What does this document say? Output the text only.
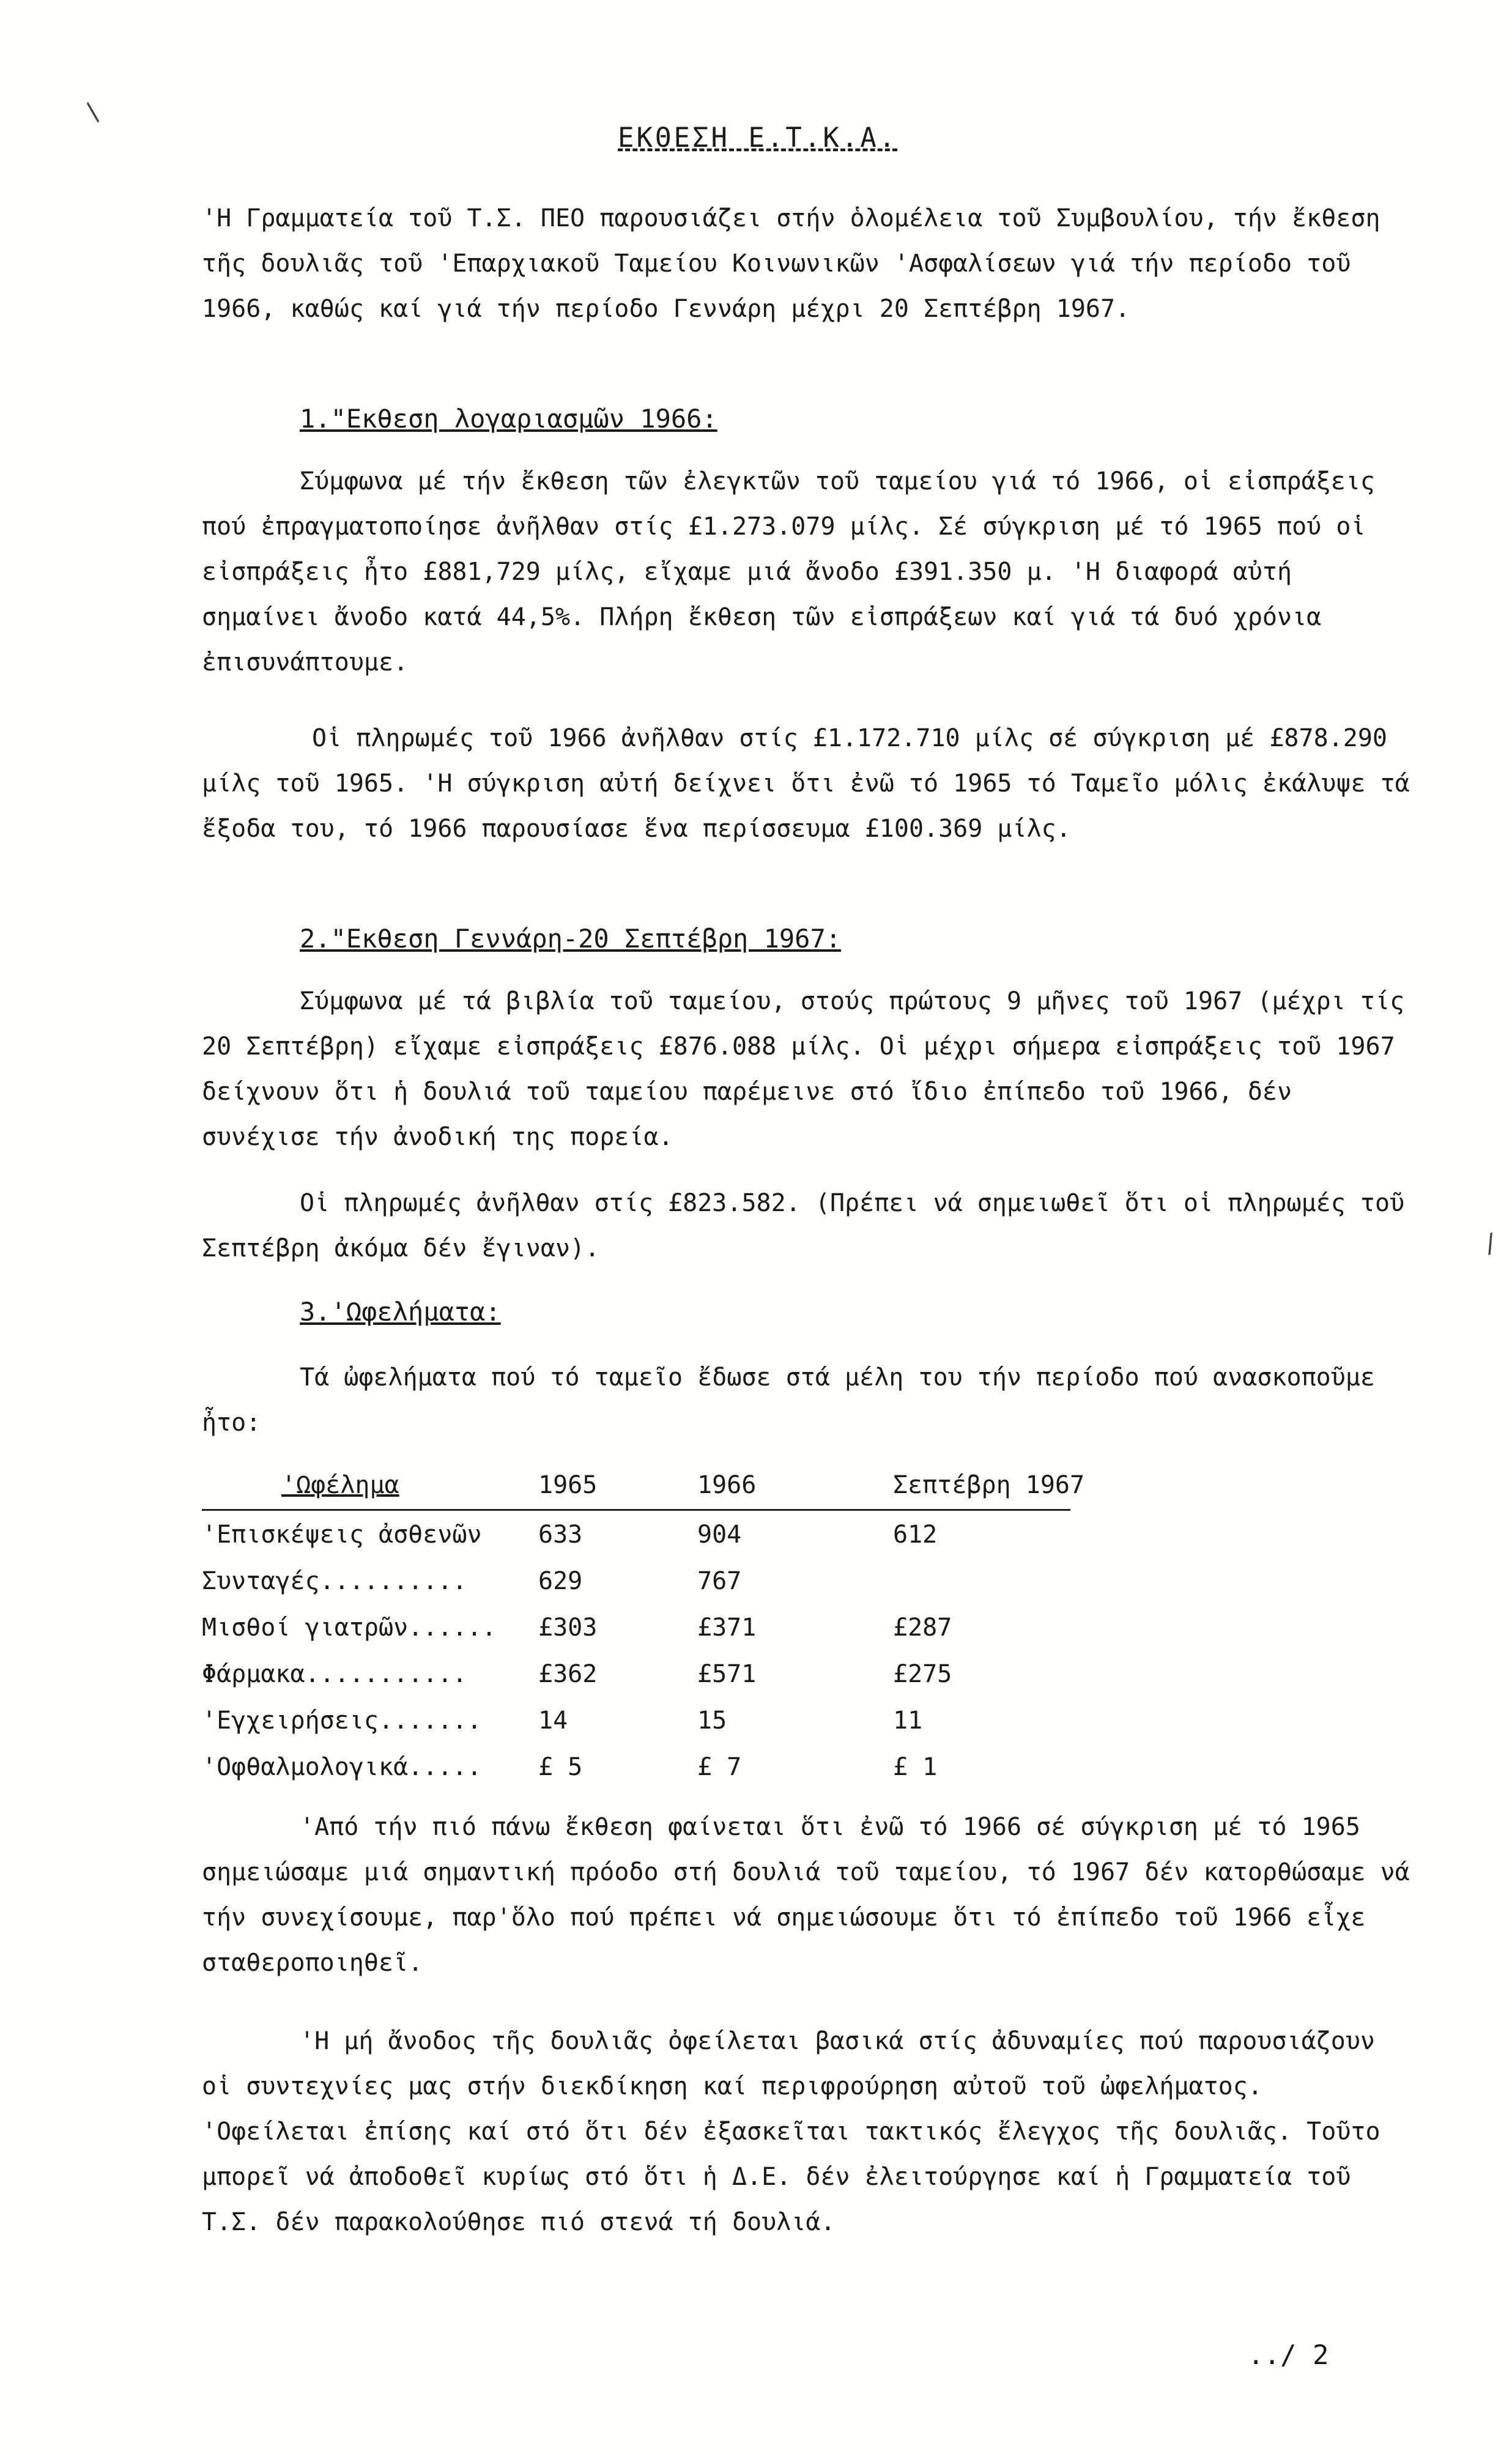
/
/
ΕΚΘΕΣΗ Ε.Τ.Κ.Α.
'Η Γραμματεία τοῦ Τ.Σ. ΠΕΟ παρουσιάζει στήν ὁλομέλεια τοῦ Συμβουλίου, τήν ἔκθεση τῆς δουλιᾶς τοῦ 'Επαρχιακοῦ Ταμείου Κοινωνικῶν 'Ασφαλίσεων γιά τήν περίοδο τοῦ 1966, καθώς καί γιά τήν περίοδο Γεννάρη μέχρι 20 Σεπτέβρη 1967.
1."Εκθεση λογαριασμῶν 1966:
Σύμφωνα μέ τήν ἔκθεση τῶν ἐλεγκτῶν τοῦ ταμείου γιά τό 1966, οἱ εἰσπράξεις πού ἐπραγματοποίησε ἀνῆλθαν στίς £1.273.079 μίλς. Σέ σύγκριση μέ τό 1965 πού οἱ εἰσπράξεις ἦτο £881,729 μίλς, εἴχαμε μιά ἄνοδο £391.350 μ. 'Η διαφορά αὐτή σημαίνει ἄνοδο κατά 44,5%. Πλήρη ἔκθεση τῶν εἰσπράξεων καί γιά τά δυό χρόνια ἐπισυνάπτουμε.
Οἱ πληρωμές τοῦ 1966 ἀνῆλθαν στίς £1.172.710 μίλς σέ σύγκριση μέ £878.290 μίλς τοῦ 1965. 'Η σύγκριση αὐτή δείχνει ὅτι ἐνῶ τό 1965 τό Ταμεῖο μόλις ἐκάλυψε τά ἔξοδα του, τό 1966 παρουσίασε ἕνα περίσσευμα £100.369 μίλς.
2."Εκθεση Γεννάρη-20 Σεπτέβρη 1967:
Σύμφωνα μέ τά βιβλία τοῦ ταμείου, στούς πρώτους 9 μῆνες τοῦ 1967 (μέχρι τίς 20 Σεπτέβρη) εἴχαμε εἰσπράξεις £876.088 μίλς. Οἱ μέχρι σήμερα εἰσπράξεις τοῦ 1967 δείχνουν ὅτι ἡ δουλιά τοῦ ταμείου παρέμεινε στό ἴδιο ἐπίπεδο τοῦ 1966, δέν συνέχισε τήν ἀνοδική της πορεία.
Οἱ πληρωμές ἀνῆλθαν στίς £823.582. (Πρέπει νά σημειωθεῖ ὅτι οἱ πληρωμές τοῦ Σεπτέβρη ἀκόμα δέν ἔγιναν).
3.'Ωφελήματα:
Τά ὠφελήματα πού τό ταμεῖο ἔδωσε στά μέλη του τήν περίοδο πού ανασκοποῦμε ἦτο:
'Ωφέλημα	1965	1966	Σεπτέβρη 1967
'Επισκέψεις ἀσθενῶν 633	904	612
Συνταγές..........	629	767
Μισθοί γιατρῶν...... £303	£371	£287
Φάρμακα...........	£362	£571	£275
'Εγχειρήσεις....... 14	15	11
'Οφθαλμολογικά..... £ 5	£ 7	£ 1
'Από τήν πιό πάνω ἔκθεση φαίνεται ὅτι ἐνῶ τό 1966 σέ σύγκριση μέ τό 1965 σημειώσαμε μιά σημαντική πρόοδο στή δουλιά τοῦ ταμείου, τό 1967 δέν κατορθώσαμε νά τήν συνεχίσουμε, παρ'ὅλο πού πρέπει νά σημειώσουμε ὅτι τό ἐπίπεδο τοῦ 1966 εἶχε σταθεροποιηθεῖ.
'Η μή ἄνοδος τῆς δουλιᾶς ὀφείλεται βασικά στίς ἀδυναμίες πού παρουσιάζουν οἱ συντεχνίες μας στήν διεκδίκηση καί περιφρούρηση αὐτοῦ τοῦ ὠφελήματος. 'Οφείλεται ἐπίσης καί στό ὅτι δέν ἐξασκεῖται τακτικός ἔλεγχος τῆς δουλιᾶς. Τοῦτο μπορεῖ νά ἀποδοθεῖ κυρίως στό ὅτι ἡ Δ.Ε. δέν ἐλειτούργησε καί ἡ Γραμματεία τοῦ Τ.Σ. δέν παρακολούθησε πιό στενά τή δουλιά.
../ 2
